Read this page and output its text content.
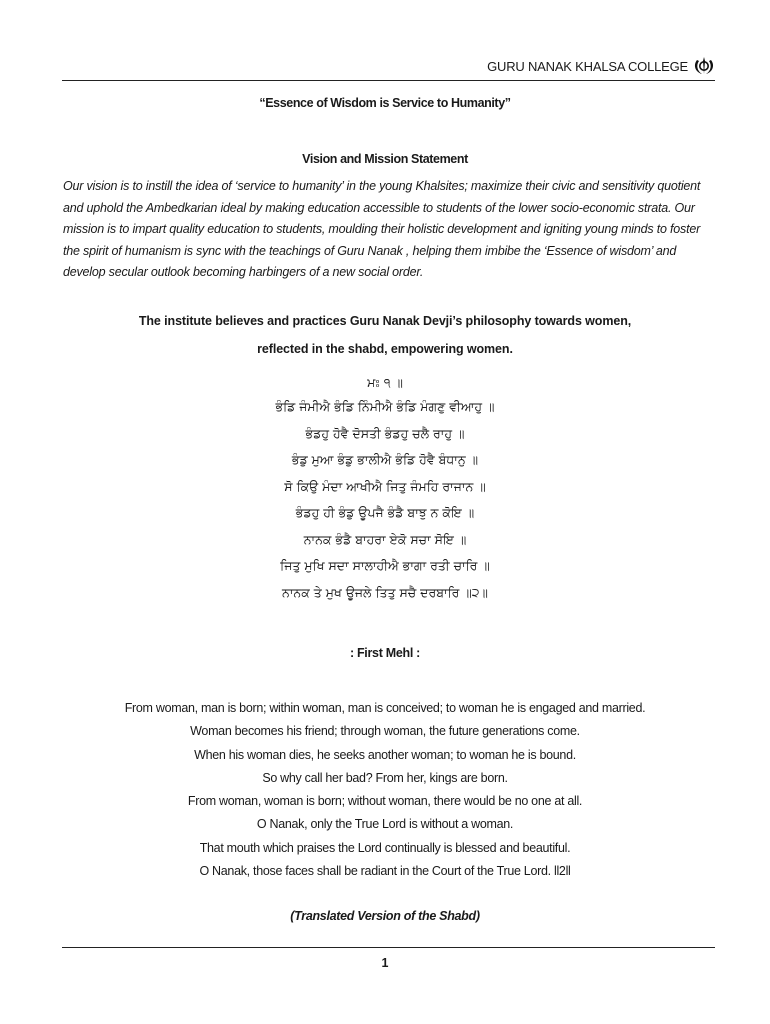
GURU NANAK KHALSA COLLEGE
“Essence of Wisdom is Service to Humanity”
Vision and Mission Statement
Our vision is to instill the idea of ‘service to humanity’ in the young Khalsites; maximize their civic and sensitivity quotient and uphold the Ambedkarian ideal by making education accessible to students of the lower socio-economic strata. Our mission is to impart quality education to students, moulding their holistic development and igniting young minds to foster the spirit of humanism is sync with the teachings of Guru Nanak , helping them imbibe the ‘Essence of wisdom’ and develop secular outlook becoming harbingers of a new social order.
The institute believes and practices Guru Nanak Devji’s philosophy towards women,
reflected in the shabd, empowering women.
ਮਃ ੧ ॥
ਭੰਡਿ ਜੰਮੀਐ ਭੰਡਿ ਨਿੰਮੀਐ ਭੰਡਿ ਮੰਗਣੁ ਵੀਆਹੁ ॥
ਭੰਡਹੁ ਹੋਵੈ ਦੋਸਤੀ ਭੰਡਹੁ ਚਲੈ ਰਾਹੁ ॥
ਭੰਡੁ ਮੁਆ ਭੰਡੁ ਭਾਲੀਐ ਭੰਡਿ ਹੋਵੈ ਬੰਧਾਨੁ ॥
ਸੋ ਕਿਉ ਮੰਦਾ ਆਖੀਐ ਜਿਤੁ ਜੰਮਹਿ ਰਾਜਾਨ ॥
ਭੰਡਹੁ ਹੀ ਭੰਡੁ ਊਪਜੈ ਭੰਡੈ ਬਾਝੁ ਨ ਕੋਇ ॥
ਨਾਨਕ ਭੰਡੈ ਬਾਹਰਾ ਏਕੋ ਸਚਾ ਸੋਇ ॥
ਜਿਤੁ ਮੁਖਿ ਸਦਾ ਸਾਲਾਹੀਐ ਭਾਗਾ ਰਤੀ ਚਾਰਿ ॥
ਨਾਨਕ ਤੇ ਮੁਖ ਊਜਲੇ ਤਿਤੁ ਸਚੈ ਦਰਬਾਰਿ ॥੨॥
: First Mehl :
From woman, man is born; within woman, man is conceived; to woman he is engaged and married.
Woman becomes his friend; through woman, the future generations come.
When his woman dies, he seeks another woman; to woman he is bound.
So why call her bad? From her, kings are born.
From woman, woman is born; without woman, there would be no one at all.
O Nanak, only the True Lord is without a woman.
That mouth which praises the Lord continually is blessed and beautiful.
O Nanak, those faces shall be radiant in the Court of the True Lord. ll2ll
(Translated Version of the Shabd)
1
